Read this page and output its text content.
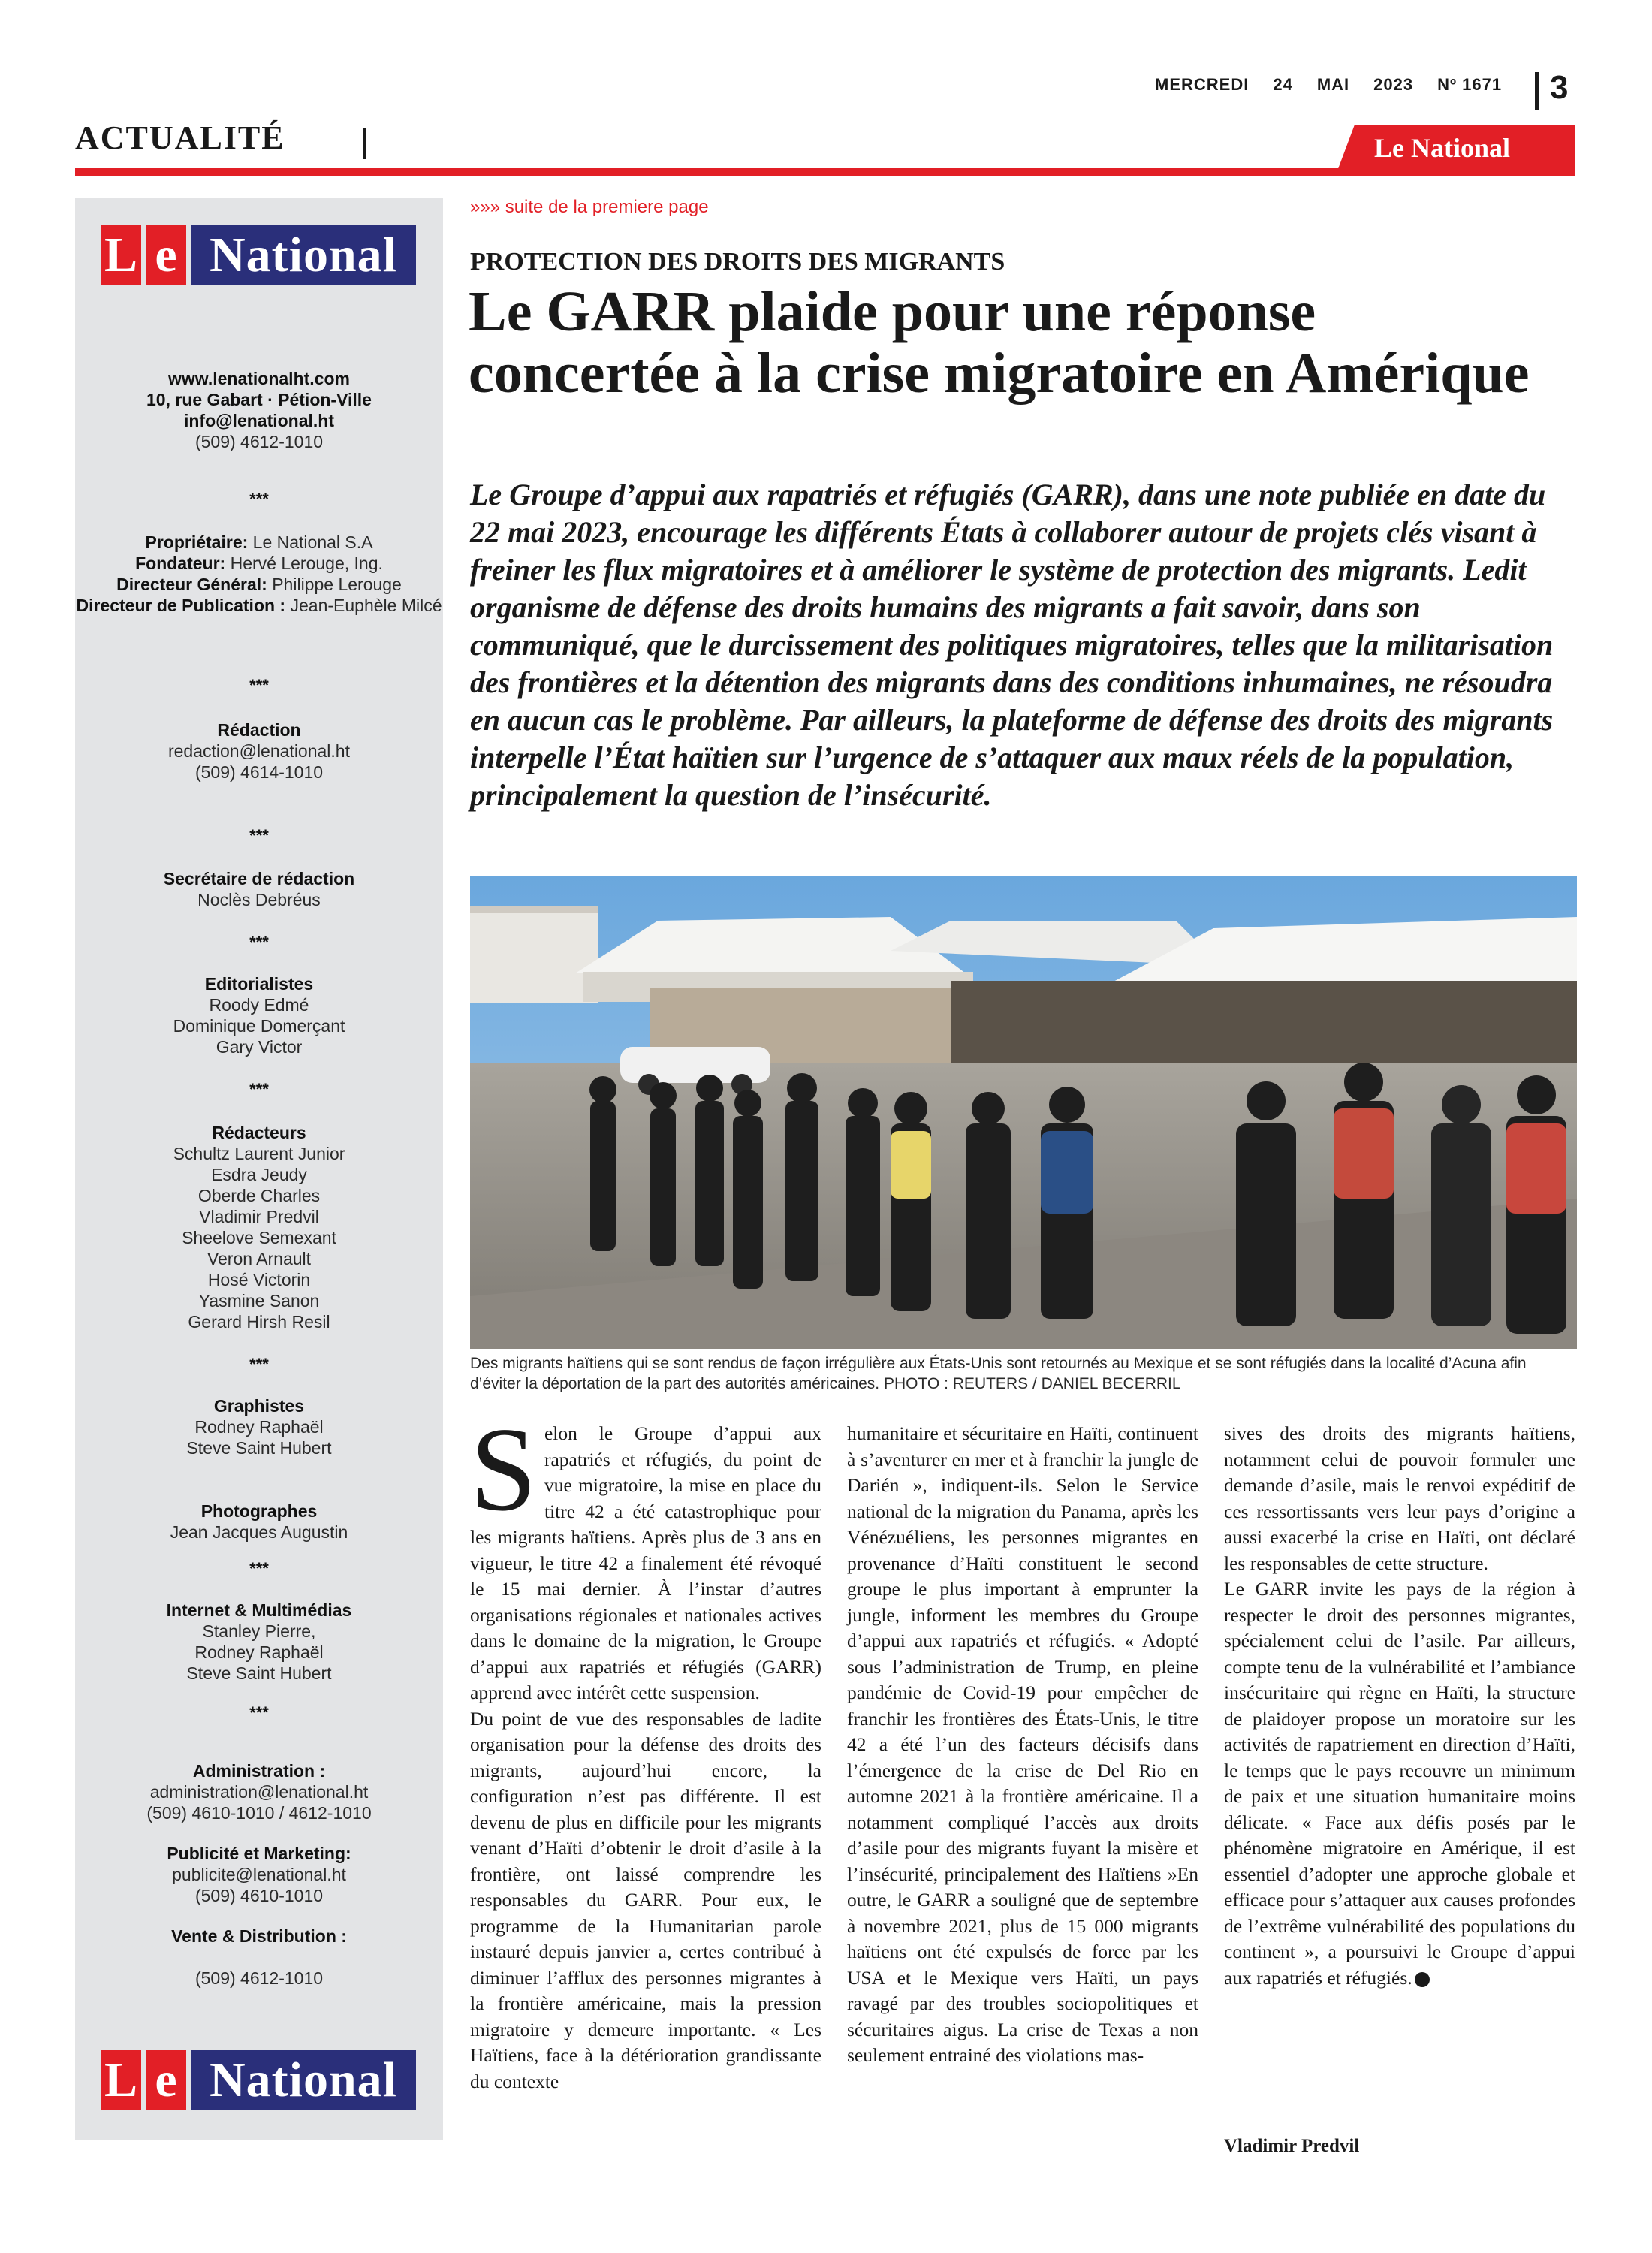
MERCREDI 24 MAI 2023 Nº 1671	3
ACTUALITÉ	Le National
L e National
www.lenationalht.com
10, rue Gabart · Pétion-Ville
info@lenational.ht
(509) 4612-1010
***
Propriétaire: Le National S.A
Fondateur: Hervé Lerouge, Ing.
Directeur Général: Philippe Lerouge
Directeur de Publication : Jean-Euphèle Milcé
***
Rédaction
redaction@lenational.ht
(509) 4614-1010
***
Secrétaire de rédaction
Noclès Debréus
***
Editorialistes
Roody Edmé
Dominique Domerçant
Gary Victor
***
Rédacteurs
Schultz Laurent Junior
Esdra Jeudy
Oberde Charles
Vladimir Predvil
Sheelove Semexant
Veron Arnault
Hosé Victorin
Yasmine Sanon
Gerard Hirsh Resil
***
Graphistes
Rodney Raphaël
Steve Saint Hubert
Photographes
Jean Jacques Augustin
***
Internet & Multimédias
Stanley Pierre,
Rodney Raphaël
Steve Saint Hubert
***
Administration :
administration@lenational.ht
(509) 4610-1010 / 4612-1010
Publicité et Marketing:
publicite@lenational.ht
(509) 4610-1010
Vente & Distribution :
(509) 4612-1010
L e National
»»» suite de la premiere page
PROTECTION DES DROITS DES MIGRANTS
Le GARR plaide pour une réponse concertée à la crise migratoire en Amérique
Le Groupe d’appui aux rapatriés et réfugiés (GARR), dans une note publiée en date du 22 mai 2023, encourage les différents États à collaborer autour de projets clés visant à freiner les flux migratoires et à améliorer le système de protection des migrants. Ledit organisme de défense des droits humains des migrants a fait savoir, dans son communiqué, que le durcissement des politiques migratoires, telles que la militarisation des frontières et la détention des migrants dans des conditions inhumaines, ne résoudra en aucun cas le problème. Par ailleurs, la plateforme de défense des droits des migrants interpelle l’État haïtien sur l’urgence de s’attaquer aux maux réels de la population, principalement la question de l’insécurité.
Des migrants haïtiens qui se sont rendus de façon irrégulière aux États-Unis sont retournés au Mexique et se sont réfugiés dans la localité d’Acuna afin d’éviter la déportation de la part des autorités américaines. PHOTO : REUTERS / DANIEL BECERRIL

Selon le Groupe d’appui aux rapatriés et réfugiés, du point de vue migratoire, la mise en place du titre 42 a été catastrophique pour les migrants haïtiens. Après plus de 3 ans en vigueur, le titre 42 a finalement été révoqué le 15 mai dernier. À l’instar d’autres organisations régionales et nationales actives dans le domaine de la migration, le Groupe d’appui aux rapatriés et réfugiés (GARR) apprend avec intérêt cette suspension.

Du point de vue des responsables de ladite organisation pour la défense des droits des migrants, aujourd’hui encore, la configuration n’est pas différente. Il est devenu de plus en difficile pour les migrants venant d’Haïti d’obtenir le droit d’asile à la frontière, ont laissé comprendre les responsables du GARR. Pour eux, le programme de la Humanitarian parole instauré depuis janvier a, certes contribué à diminuer l’afflux des personnes migrantes à la frontière américaine, mais la pression migratoire y demeure importante. « Les Haïtiens, face à la détérioration grandissante du contexte

humanitaire et sécuritaire en Haïti, continuent à s’aventurer en mer et à franchir la jungle de Darién », indiquent-ils. Selon le Service national de la migration du Panama, après les Vénézuéliens, les personnes migrantes en provenance d’Haïti constituent le second groupe le plus important à emprunter la jungle, informent les membres du Groupe d’appui aux rapatriés et réfugiés. « Adopté sous l’administration de Trump, en pleine pandémie de Covid-19 pour empêcher de franchir les frontières des États-Unis, le titre 42 a été l’un des facteurs décisifs dans l’émergence de la crise de Del Rio en automne 2021 à la frontière américaine. Il a notamment compliqué l’accès aux droits d’asile pour des migrants fuyant la misère et l’insécurité, principalement des Haïtiens »En outre, le GARR a souligné que de septembre à novembre 2021, plus de 15 000 migrants haïtiens ont été expulsés de force par les USA et le Mexique vers Haïti, un pays ravagé par des troubles sociopolitiques et sécuritaires aigus. La crise de Texas a non seulement entrainé des violations mas-

sives des droits des migrants haïtiens, notamment celui de pouvoir formuler une demande d’asile, mais le renvoi expéditif de ces ressortissants vers leur pays d’origine a aussi exacerbé la crise en Haïti, ont déclaré les responsables de cette structure.

Le GARR invite les pays de la région à respecter le droit des personnes migrantes, spécialement celui de l’asile. Par ailleurs, compte tenu de la vulnérabilité et l’ambiance insécuritaire qui règne en Haïti, la structure de plaidoyer propose un moratoire sur les activités de rapatriement en direction d’Haïti, le temps que le pays recouvre un minimum de paix et une situation humanitaire moins délicate. « Face aux défis posés par le phénomène migratoire en Amérique, il est essentiel d’adopter une approche globale et efficace pour s’attaquer aux causes profondes de l’extrême vulnérabilité des populations du continent », a poursuivi le Groupe d’appui aux rapatriés et réfugiés.

Vladimir Predvil
